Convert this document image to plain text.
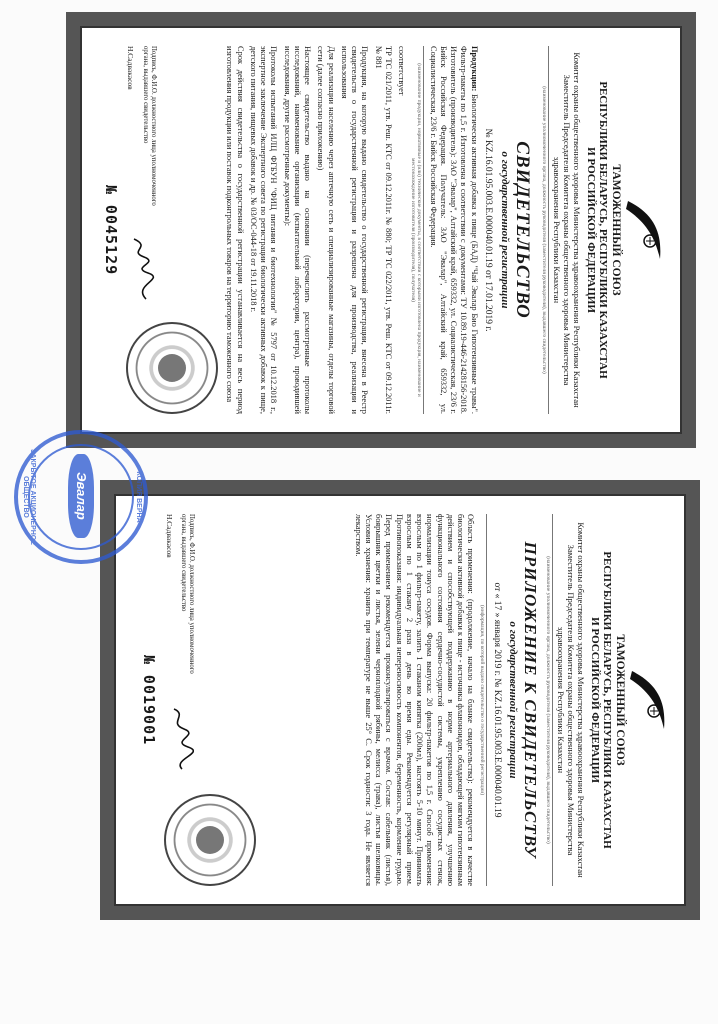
ТАМОЖЕННЫЙ СОЮЗ
РЕСПУБЛИКИ БЕЛАРУСЬ, РЕСПУБЛИКИ КАЗАХСТАН
И РОССИЙСКОЙ ФЕДЕРАЦИИ
Комитет охраны общественного здоровья Министерства здравоохранения Республики Казахстан
Заместитель Председателя Комитета охраны общественного здоровья Министерства
здравоохранения Республики Казахстан
(наименование уполномоченного органа, должность руководителя (заместителя руководителя), выдавшего свидетельство)
СВИДЕТЕЛЬСТВО
о государственной регистрации
№ KZ.16.01.95.003.E.000040.01.19 от 17.01.2019 г.
Продукция: Биологически активная добавка к пище (БАД) "Чай Эвалар Био Гипотензивные травы". Фильтр-пакеты по 1,5 г. Изготовлена в соответствии с документами: ТУ 10.89.19-446-21428156-2018. Изготовитель (производитель): ЗАО "Эвалар", Алтайский край, 659332, ул. Социалистическая, 23/6 г. Бийск Российская Федерация. Получатель: ЗАО "Эвалар", Алтайский край, 659332, ул. Социалистическая, 23/6 г. Бийск Российская Федерация.
(наименование продукции, нормативные и (или) технические документы, в соответствии с которыми изготовлена продукция, наименование и местонахождение изготовителя (производителя), получателя)
соответствует
ТР ТС 021/2011, утв. Реш. КТС от 09.12.2011г. № 880; ТР ТС 022/2011, утв. Реш. КТС от 09.12.2011г. № 881
Продукция, на которую выдано свидетельство о государственной регистрации, внесена в Реестр свидетельств о государственной регистрации и разрешена для производства, реализации и использования
Для реализации населению через аптечную сеть и специализированные магазины, отделы торговой сети (далее согласно приложению)
Настоящее свидетельство выдано на основании (перечислить рассмотренные протоколы исследований, наименование организации (испытательной лаборатории, центра), проводившей исследования, другие рассмотренные документы):
Протоколы испытаний ИЛЦ ФГБУН "ФИЦ питания и биотехнологии" № 5797 от 10.12.2018 г., экспертное заключение Экспертного совета по регистрации биологически активных добавок к пище, детского питания, пищевых добавок и др. № 03/ОС-044-18 от 19.11.2018 г.
Срок действия свидетельства о государственной регистрации устанавливается на весь период изготовления продукции или поставок подконтрольных товаров на территорию таможенного союза
Подпись, Ф.И.О. должностного лица уполномоченного органа, выдавшего свидетельство
Н.Садвакасов
№ 0045129
ТАМОЖЕННЫЙ СОЮЗ
РЕСПУБЛИКИ БЕЛАРУСЬ, РЕСПУБЛИКИ КАЗАХСТАН
И РОССИЙСКОЙ ФЕДЕРАЦИИ
Комитет охраны общественного здоровья Министерства здравоохранения Республики Казахстан
Заместитель Председателя Комитета охраны общественного здоровья Министерства
здравоохранения Республики Казахстан
(наименование уполномоченного органа, должность руководителя (заместителя руководителя), выдавшего свидетельство)
ПРИЛОЖЕНИЕ К СВИДЕТЕЛЬСТВУ
о государственной регистрации
от « 17 » января 2019 г. № KZ.16.01.95.003.E.000040.01.19
(информация, по которой выдано свидетельство о государственной регистрации)
Область применения: (продолжение, начало на бланке свидетельства): рекомендуется в качестве биологически активной добавки к пище - источника флавоноидов, обладающей мягким гипотензивным действием и способствующей поддержанию в норме артериального давления, улучшению функционального состояния сердечно-сосудистой системы, укреплению сосудистых стенок, нормализации тонуса сосудов. Форма выпуска: 20 фильтр-пакетов по 1,5 г. Способ применения: взрослым по 1 фильтр-пакету, залить 1 стаканом кипятка (200мл), настоять 5-10 минут. Принимать взрослым по 1 стакану 2 раза в день во время еды. Рекомендуется регулярный прием. Противопоказания: индивидуальная непереносимость компонентов, беременность, кормление грудью. Перед применением рекомендуется проконсультироваться с врачом. Состав: сабельник (листья), боярышник цветки и листья, зелени черноплодной рябины, мелисса (трава), листья шелковицы. Условия хранения: хранить при температуре не выше 25° С. Срок годности: 3 года. Не является лекарством.
Подпись, Ф.И.О. должностного лица уполномоченного органа, выдавшего свидетельство
Н.Садвакасов
№ 0019001
КОПИЯ ВЕРНА
Эвалар
ЗАКРЫТОЕ АКЦИОНЕРНОЕ ОБЩЕСТВО
